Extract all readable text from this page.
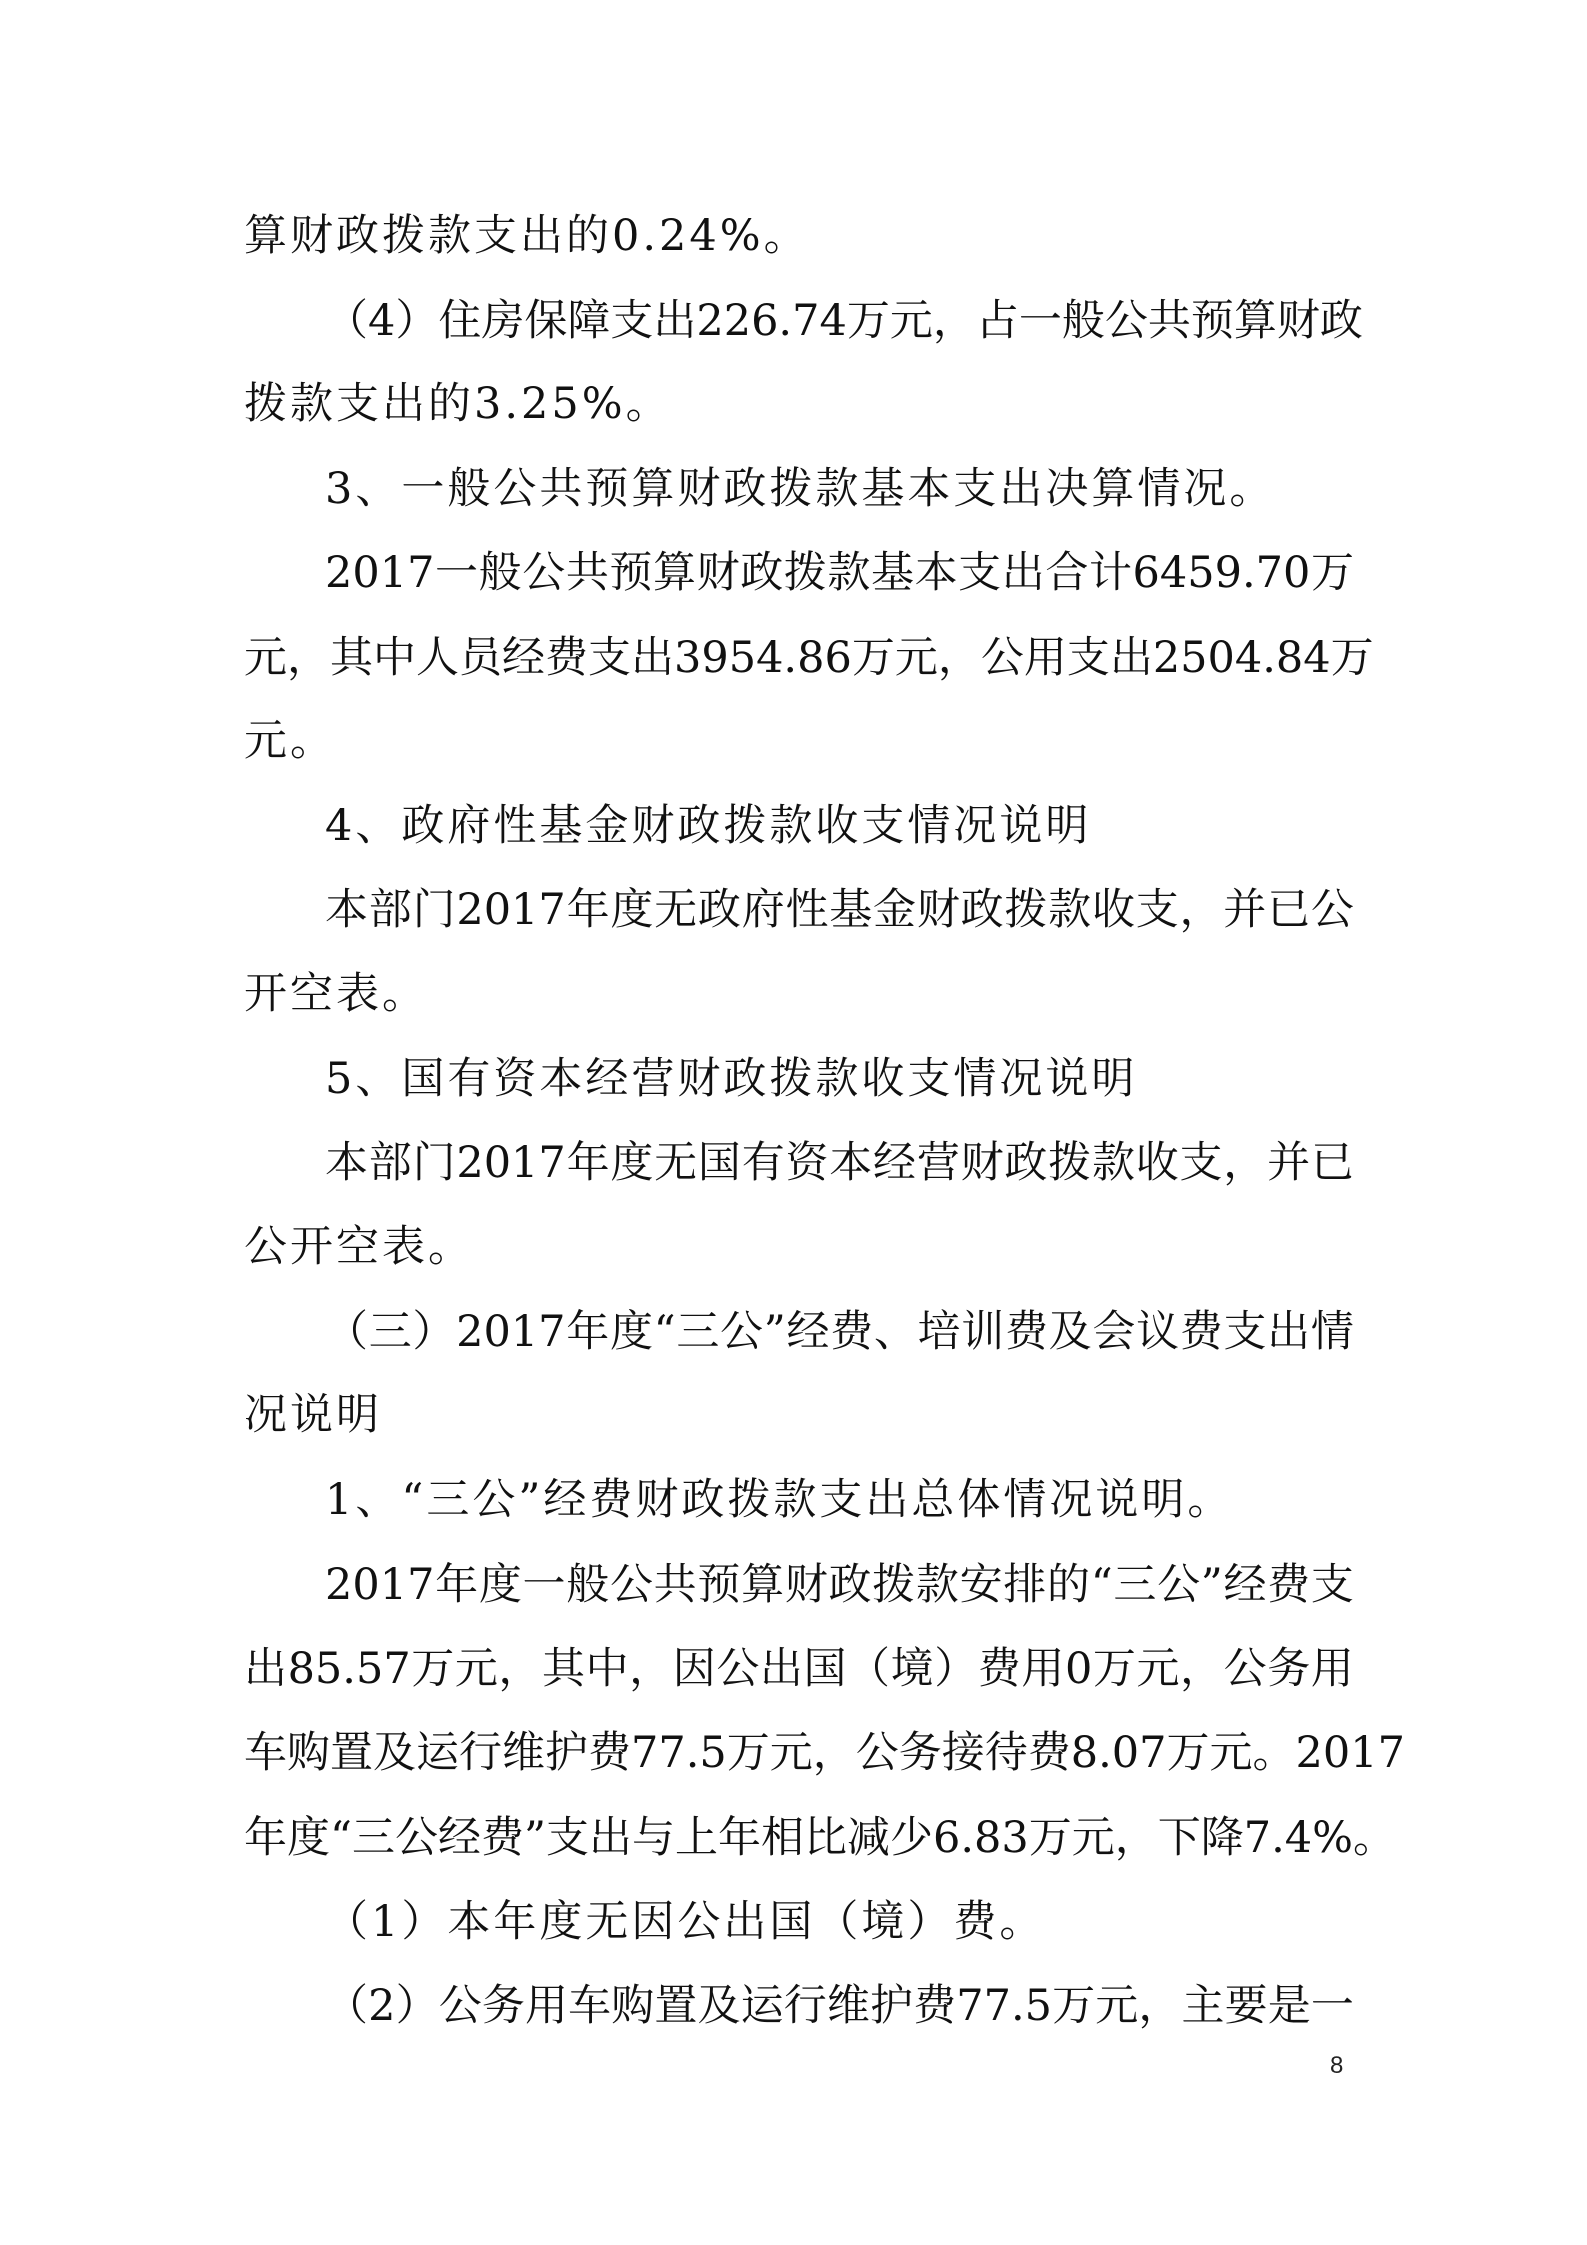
算财政拨款支出的0.24%。
（ 4 ） 住 房 保 障 支 出 226.74 万 元 ， 占 一 般 公 共 预 算 财 政
拨款支出的3.25%。
3、一般公共预算财政拨款基本支出决算情况。
2017 一 般 公 共 预 算 财 政 拨 款 基 本 支 出 合 计 6459.70 万
元 ， 其 中 人 员 经 费 支 出 3954.86 万 元 ， 公 用 支 出 2504.84 万
元。
4、政府性基金财政拨款收支情况说明
本 部 门 2017 年 度 无 政 府 性 基 金 财 政 拨 款 收 支 ， 并 已 公
开空表。
5、国有资本经营财政拨款收支情况说明
本 部 门 2017 年 度 无 国 有 资 本 经 营 财 政 拨 款 收 支 ， 并 已
公开空表。
（ 三 ） 2017 年 度 “ 三 公 ” 经 费 、 培 训 费 及 会 议 费 支 出 情
况说明
1、“三公”经费财政拨款支出总体情况说明。
2017 年 度 一 般 公 共 预 算 财 政 拨 款 安 排 的 “ 三 公 ” 经 费 支
出 85.57 万 元 ， 其 中 ， 因 公 出 国 （ 境 ） 费 用 0 万 元 ， 公 务 用
车 购 置 及 运 行 维 护 费 77.5 万 元 ， 公 务 接 待 费 8.07 万 元 。 2017
年 度 “ 三 公 经 费 ” 支 出 与 上 年 相 比 减 少 6.83 万 元 ， 下 降 7.4% 。
（1）本年度无因公出国（境）费。
（ 2 ） 公 务 用 车 购 置 及 运 行 维 护 费 77.5 万 元 ， 主 要 是 一
8
